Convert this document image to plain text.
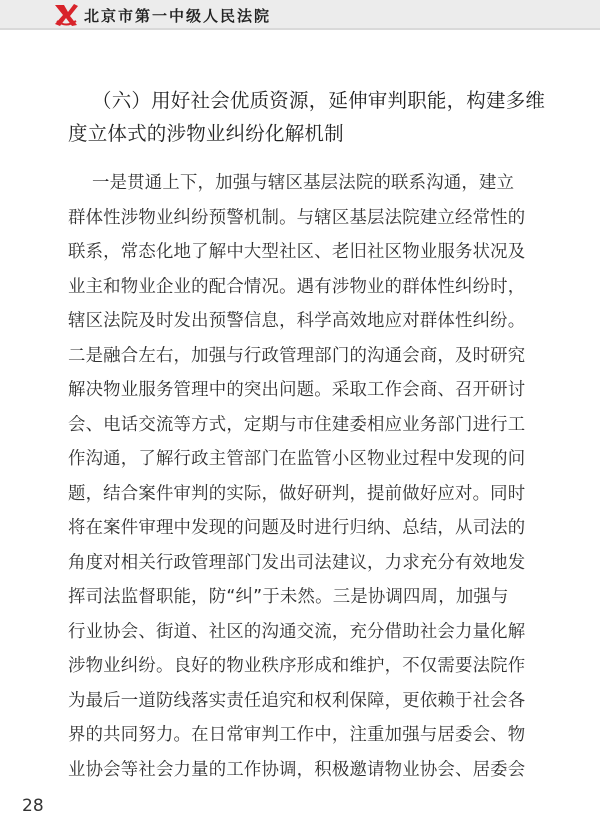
北京市第一中级人民法院
（六）用好社会优质资源，延伸审判职能，构建多维
度立体式的涉物业纠纷化解机制

一是贯通上下，加强与辖区基层法院的联系沟通，建立
群体性涉物业纠纷预警机制。与辖区基层法院建立经常性的
联系，常态化地了解中大型社区、老旧社区物业服务状况及
业主和物业企业的配合情况。遇有涉物业的群体性纠纷时，
辖区法院及时发出预警信息，科学高效地应对群体性纠纷。
二是融合左右，加强与行政管理部门的沟通会商，及时研究
解决物业服务管理中的突出问题。采取工作会商、召开研讨
会、电话交流等方式，定期与市住建委相应业务部门进行工
作沟通，了解行政主管部门在监管小区物业过程中发现的问
题，结合案件审判的实际，做好研判，提前做好应对。同时
将在案件审理中发现的问题及时进行归纳、总结，从司法的
角度对相关行政管理部门发出司法建议，力求充分有效地发
挥司法监督职能，防“纠”于未然。三是协调四周，加强与
行业协会、街道、社区的沟通交流，充分借助社会力量化解
涉物业纠纷。良好的物业秩序形成和维护，不仅需要法院作
为最后一道防线落实责任追究和权利保障，更依赖于社会各
界的共同努力。在日常审判工作中，注重加强与居委会、物
业协会等社会力量的工作协调，积极邀请物业协会、居委会

28
